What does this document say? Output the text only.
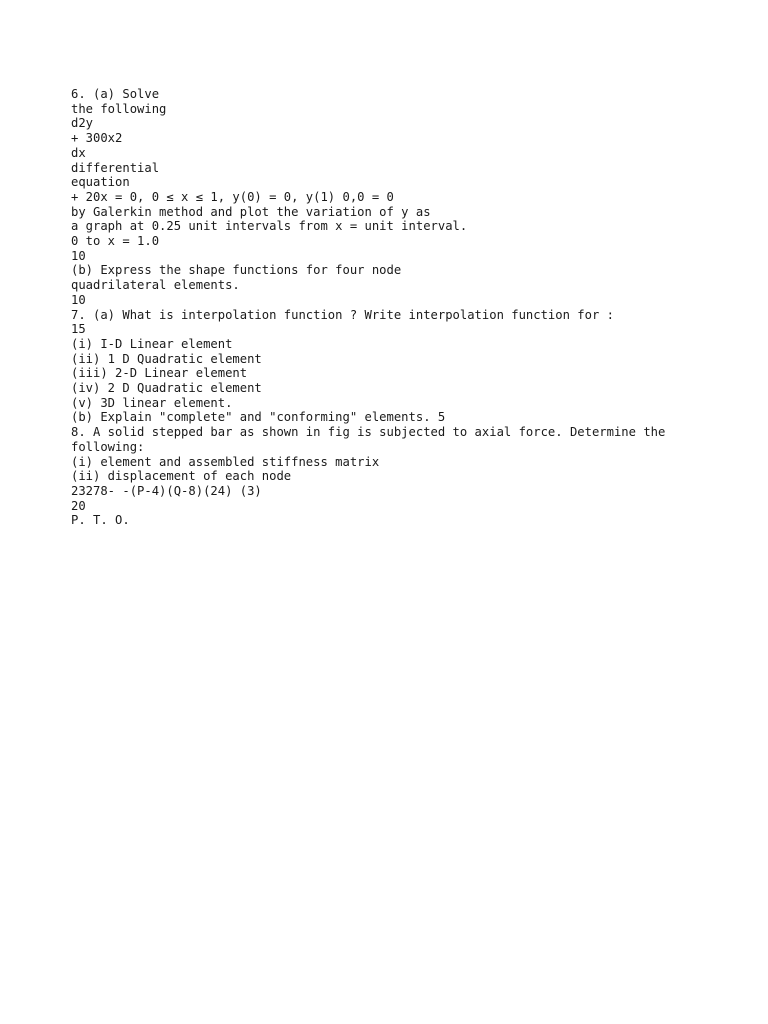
6. (a) Solve
the following
d2y
+ 300x2
dx
differential
equation
+ 20x = 0, 0 ≤ x ≤ 1, y(0) = 0, y(1) 0,0 = 0
by Galerkin method and plot the variation of y as
a graph at 0.25 unit intervals from x = unit interval.
0 to x = 1.0
10
(b) Express the shape functions for four node
quadrilateral elements.
10
7. (a) What is interpolation function ? Write interpolation function for :
15
(i) I-D Linear element
(ii) 1 D Quadratic element
(iii) 2-D Linear element
(iv) 2 D Quadratic element
(v) 3D linear element.
(b) Explain "complete" and "conforming" elements. 5
8. A solid stepped bar as shown in fig is subjected to axial force. Determine the
following:
(i) element and assembled stiffness matrix
(ii) displacement of each node
23278- -(P-4)(Q-8)(24) (3)
20
P. T. O.
